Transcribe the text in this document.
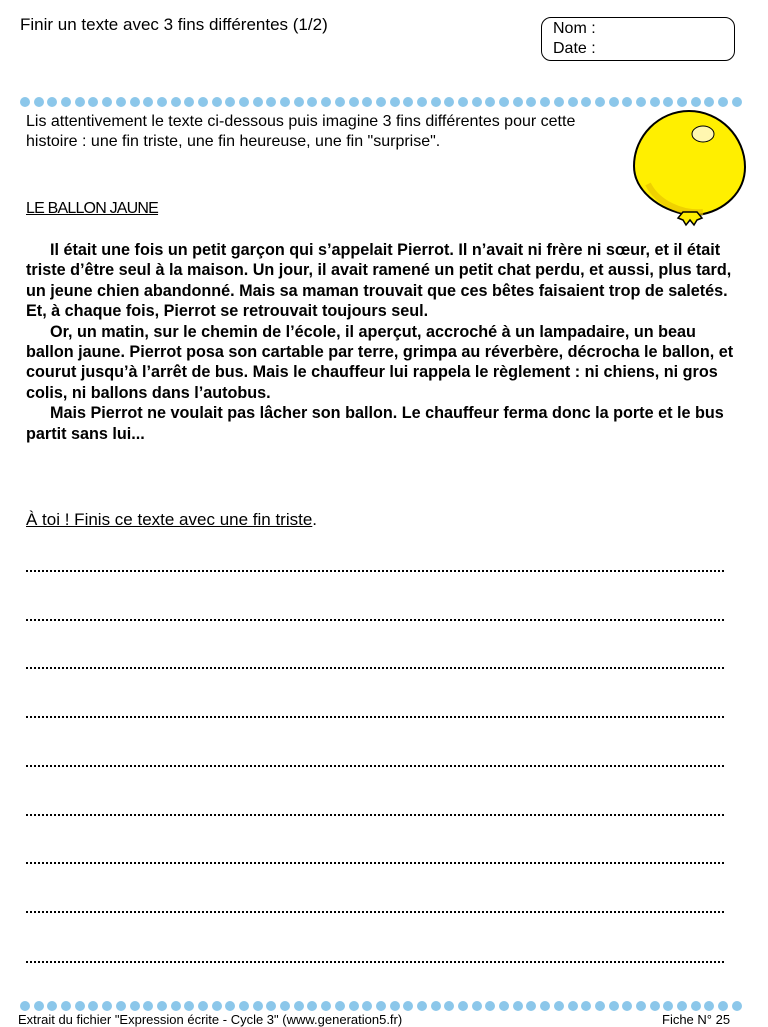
Finir un texte avec 3 fins différentes (1/2)	Nom :
Date :
Lis attentivement le texte ci-dessous puis imagine 3 fins différentes pour cette histoire : une fin triste, une fin heureuse, une fin "surprise".
LE BALLON JAUNE

Il était une fois un petit garçon qui s’appelait Pierrot. Il n’avait ni frère ni sœur, et il était triste d’être seul à la maison. Un jour, il avait ramené un petit chat perdu, et aussi, plus tard, un jeune chien abandonné. Mais sa maman trouvait que ces bêtes faisaient trop de saletés. Et, à chaque fois, Pierrot se retrouvait toujours seul.

Or, un matin, sur le chemin de l’école, il aperçut, accroché à un lampadaire, un beau ballon jaune. Pierrot posa son cartable par terre, grimpa au réverbère, décrocha le ballon, et courut jusqu’à l’arrêt de bus. Mais le chauffeur lui rappela le règlement : ni chiens, ni gros colis, ni ballons dans l’autobus.

Mais Pierrot ne voulait pas lâcher son ballon. Le chauffeur ferma donc la porte et le bus partit sans lui...

À toi ! Finis ce texte avec une fin triste.
Extrait du fichier "Expression écrite - Cycle 3" (www.generation5.fr)	Fiche N° 25
